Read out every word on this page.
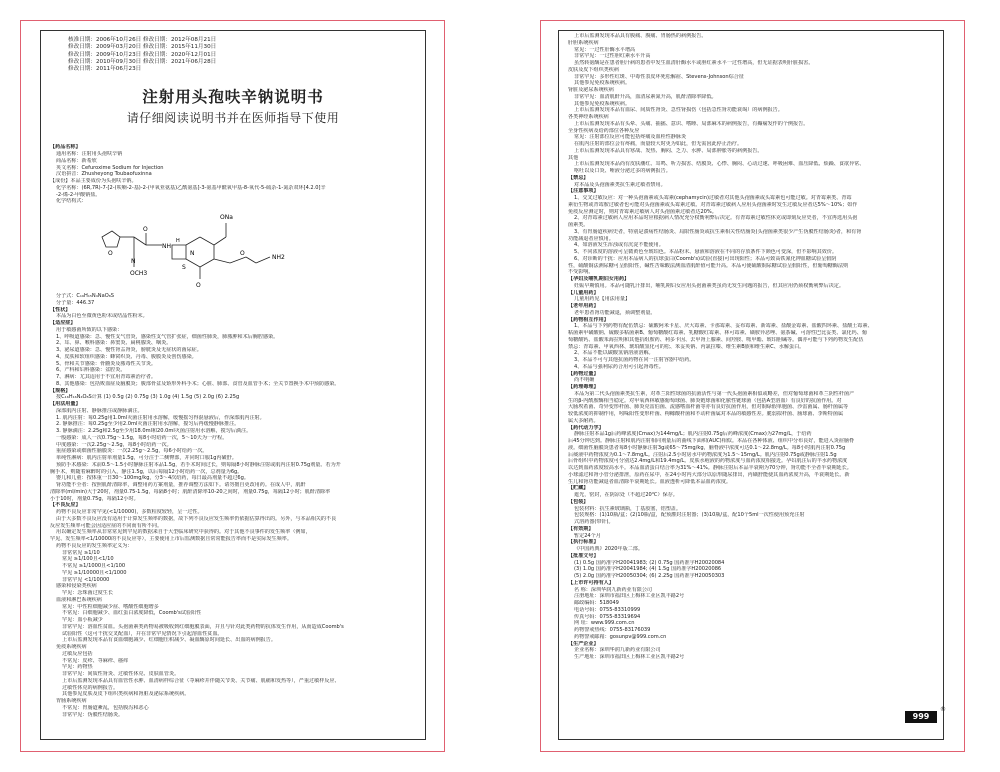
核准日期：2006年10月26日 修改日期：2012年08月21日
修改日期：2009年03月20日 修改日期：2015年11月30日
修改日期：2009年10月23日 修改日期：2020年12月01日
修改日期：2010年09月30日 修改日期：2021年06月28日
修改日期：2011年06月23日
注射用头孢呋辛钠说明书
请仔细阅读说明书并在医师指导下使用
【药品名称】
通用名称：注射用头孢呋辛钠
商品名称：新希欣
英文名称：Cefuroxime Sodium for Injection
汉语拼音：Zhusheyong Toubaofuxinna
【成份】本品主要成份为头孢呋辛钠。
化学名称：(6R,7R)-7-[2-(呋喃-2-基)-2-(甲氧亚氨基)乙酰氨基]-3-氨基甲酰氧甲基-8-氧代-5-硫杂-1-氮杂双环[4.2.0]辛
-2-烯-2-甲酸钠盐。
化学结构式：
O
NH
O
N
OCH3
H
S
N
O
ONa
O
NH2
分子式：C₁₆H₁₅N₄NaO₈S
分子量：446.37
【性状】
本品为白色至微黄色粉末或结晶性粉末。
【适应症】
用于敏感菌所致的以下感染：
1、呼吸道感染：急、慢性支气管炎，感染性支气管扩张症，细菌性肺炎，肺脓肿和术后胸腔感染。
2、耳、鼻、喉科感染：鼻窦炎、扁桃腺炎、咽炎。
3、泌尿道感染：急、慢性肾盂肾炎，膀胱炎及无症状的菌尿症。
4、皮肤和软组织感染：蜂窝织炎、丹毒、腹膜炎及创伤感染。
5、骨和关节感染：骨髓炎及脓毒性关节炎。
6、产科和妇科感染：盆腔炎。
7、淋病：尤其适用于不宜用青霉素治疗者。
8、其他感染：包括败血症及脑膜炎；腹部骨盆及矫形外科手术；心脏、肺部、食管及血管手术；全关节置换手术中预防感染。
【规格】
按C₁₆H₁₆N₄O₈S计算 (1) 0.5g (2) 0.75g (3) 1.0g (4) 1.5g (5) 2.0g (6) 2.25g
【用法用量】
深部肌内注射、静脉推注或静脉滴注。
1. 肌内注射：每0.25g用1.0ml灭菌注射用水溶解，缓慢摇匀得混悬液后，作深部肌内注射。
2. 静脉推注：每0.25g至少用2.0ml灭菌注射用水溶解，搅匀后再缓慢静脉推注。
3. 静脉滴注：2.25g和2.5g至少用18.0ml和20.0ml灭菌注射用水溶解，搅匀后滴注。
一般感染：成人一次0.75g～1.5g，每8小时给药一次，5～10天为一疗程。
中度感染：一次2.25g～2.5g，每8小时给药一次。
重症感染或细菌性脑膜炎：一次2.25g～2.5g，每6小时给药一次。
单纯性淋病：肌内注射单剂量1.5g，可分注于二侧臀部，并同时口服1g丙磺舒。
预防手术感染：术前0.5～1.5小时静脉注射本品1.5g，若手术时间过长，则每隔8小时静脉注射或肌内注射0.75g剂量。若为开
胸手术，则随着麻醉时的引入，静注1.5g，以后每隔12小时给药一次，总剂量为6g。
婴儿和儿童：按体重一日30～100mg/kg，分3～4次给药，每日最高剂量不超过6g。
肾功能不全者：按照肌酐清除率，调整用药方案剂量，推荐调整方法如下。请勿擅自更改用药。在成人中，肌酐
清除率(ml/min)大于20时，剂量0.75-1.5g，每隔8小时；肌酐清除率10-20之间时，剂量0.75g，每隔12小时；肌酐清除率
小于10时，剂量0.75g，每隔12小时。
【不良反应】
药物不良反应非常罕见(<1/10000)，多数程度较轻，呈一过性。
由于大多数不良反应没有适用于计算发生频率的数据，故下列不良反应发生频率仍依据估算得出的。另外，与本品相关的不良
反应发生频率可能会因适应症的不同而有所不同。
用以确定发生频率从非常常见到罕见的数据来自于大型临床研究中获得的。对于其他不良事件的发生频率（例如，
罕见、发生频率<1/10000的不良反应等），主要使用上市后监测数据且常常能报告率而不是实际发生频率。
药物不良反应的发生频率定义为：
非常常见 ≥1/10
常见 ≥1/100且<1/10
不常见 ≥1/1000且<1/100
罕见 ≥1/10000且<1/1000
非常罕见 <1/10000
感染和侵染类疾病
罕见：念珠菌过度生长
血液和淋巴系统疾病
常见：中性粒细胞减少症、嗜酸性细胞增多
不常见：白细胞减少、血红蛋白浓度降低，Coomb's试验阳性
罕见：血小板减少
非常罕见：溶血性贫血。头孢菌素类药物易被吸收到红细胞膜表面，并且与针对此类药物的抗体发生作用，从而造成Coomb's
试验阳性（这可干扰交叉配血），并在非常罕见情况下引起溶血性贫血。
上市后监测发现本品有食血细胞减少、红细胞压积减少、凝血酶原时间延长、出血的病例报告。
免疫系统疾病
过敏反应包括
不常见：皮疹、荨麻疹、瘙痒
罕见：药物热
非常罕见：间质性肾炎、过敏性休克、皮肤血管炎。
上市后监测发现本品具有血管性水肿、血清病样综合征（荨麻疹并伴随关节炎、关节痛、肌痛和发热等），严重过敏样反应、
过敏性休克的病例报告。
其他参见皮肤及皮下组织类疾病和肾脏及泌尿系统疾病。
胃肠系统疾病
不常见：胃肠道紊乱，包括腹泻和恶心
非常罕见：伪膜性结肠炎。
上市后监测发现本品具有腹痛、腹痛、胃肠热的病例报告。
肝胆系统疾病
常见：一过性肝酶水平增高
非常罕见：一过性胆红素水平升高
虽然转氨酶是在患者胆汁病的患者中发生血清肝酶水平或胆红素水平一过性增高，但无证据表明肝脏损害。
皮肤及皮下组织类疾病
非常罕见：多形性红斑、中毒性表皮坏死松解症、Stevens-Johnson综合征
其他参见免疫系统疾病。
肾脏及泌尿系统疾病
非常罕见：血清肌酐升高，血清尿素氮升高，肌酐清除率降低。
其他参见免疫系统疾病。
上市后监测发现本品有血尿、间质性肾炎、急性肾损伤（包括急性肾功能衰竭）的病例报告。
各类神经系统疾病
上市后监测发现本品有头晕、头痛、抽搐、意识、嗜睡、局部麻木的病例报告，有癫痫发作的个例报告。
全身性疾病及给药部位各种反应
常见：注射部位反应可能包括疼痛及血栓性静脉炎
在肌内注射的部位会有疼痛，而量较大时更为如此，但无需因此停止治疗。
上市后监测发现本品具有寒战、发热、胸闷、乏力、水肿、局部肿胀等的病例报告。
其他
上市后监测发现本品尚有皮肤潮红、耳鸣、听力损害、结膜炎、心悸、胸闷、心动过速、呼吸困难、血压降低、烦躁、食欲异常、
呕吐以及口炎、唾液分泌过多的病例报告。
【禁忌】
对本品及头孢菌素类抗生素过敏者禁用。
【注意事项】
1、交叉过敏反应：对一种头孢菌素或头霉素(cephamycin)过敏者对其他头孢菌素或头霉素也可能过敏。对青霉素类、青霉
素衍生物或青霉胺过敏者也可能对头孢菌素或头霉素过敏。对青霉素过敏病人应用头孢菌素时发生过敏反应者达5%～10%；如作
免疫反应测定时，则对青霉素过敏病人对头孢菌素过敏者达20%。
2、对青霉素过敏病人应用本品时应根据病人情况充分权衡利弊后决定。有青霉素过敏性休克或即刻反应史者，不宜再选用头孢
菌素类。
3、有胃肠道疾病史者，特别是溃疡性结肠炎、局限性肠炎或抗生素相关性结肠炎(头孢菌素类很少产生伪膜性结肠炎)者，和有肾
功能减退者应慎用。
4、如溶液发生浑浊或有沉淀不能使用。
5、不同浓度的溶液可呈微黄色至琥珀色。本品粉末、悬液和溶液在不同的存放条件下颜色可变深，但不影响其效价。
6、对诊断的干扰：应用本品病人的抗球蛋白(Coomb's)试验(直接)可出现阳性；本品可致高铁氰化钾血糖试验呈假阴
性，硫酸铜法测尿糖可呈假阳性，碱性苦味酸法测血清肌酐值可能升高。本品可使硫酸铜尿糖试验呈假阳性，但葡萄糖酶法则
不受影响。
【孕妇及哺乳期妇女用药】
妊娠早期慎用。本品可随乳汁排出，哺乳期妇女应用头孢菌素类虽尚无发生问题的报告，但其应用仍须权衡利弊后决定。
【儿童用药】
儿童用药见【用法用量】
【老年用药】
老年患者肾功能减退，须调整剂量。
【药物相互作用】
1、本品与下列药物有配伍禁忌：硫酸阿米卡星、庆大霉素、卡那霉素、妥布霉素、新霉素、盐酸金霉素、盐酸四环素、盐酸土霉素、
粘菌素甲磺酸钠、硫酸多粘菌素B、葡萄糖酸红霉素、乳糖酸红霉素、林可霉素、磺胺异恶唑、氨茶碱、可溶性巴比妥类、氯化钙、葡
萄糖酸钙、盐酸苯海拉明和其他抗组胺药、利多卡因、去甲肾上腺素、间羟胺、哌甲酯、琥珀胆碱等。偶亦可能与下列药物发生配伍
禁忌：青霉素、甲氧西林、琥珀酸氢化可的松、苯妥英钠、丙氯拉嗪、维生素B族和维生素C、水解蛋白。
2、本品不能以碳酸氢钠溶液溶解。
3、本品不可与其他抗菌药物在同一注射容器中给药。
4、本品与强利尿药合用可引起肾毒性。
【药物过量】
尚不明确
【药理毒理】
本品为第二代头孢菌素类抗生素，对革兰阳性球菌的抗菌活性与第一代头孢菌素相似或略差，但对葡萄球菌和革兰阴性杆菌产
生的β-内酰胺酶相当稳定。对甲氧西林敏感葡萄球菌、肺炎链球菌和化脓性链球菌（包括A型溶血）有良好的抗菌作用。对
大肠埃希菌、奇异变形杆菌、肺炎克雷伯菌、流感嗜血杆菌等亦有良好抗菌作用，但对铜绿假单胞菌、沙雷菌属、肠杆菌属等
较低浓度的抑制作用，吲哚阳性变形杆菌、枸橼酸杆菌和不动杆菌属对本品的敏感性差。脆弱拟杆菌、肠球菌、李斯特菌属
属大多耐药。
【药代动力学】
静脉注射本品1g后药峰浓度(Cmax)为144mg/L；肌内注射0.75g后药峰浓度(Cmax)为27mg/L，于给药
后45分钟达到。静脉注射和肌内注射相同剂量后的曲线下面积(AUC)相似。本品在各种体液、组织中分布良好，能进入炎症脑脊
液。细菌性脑膜炎患者每8小时静脉注射3g或65～75mg/kg，脑脊液中浓度可达0.1～22.8mg/L。每8小时肌内注射0.75g
后痰液中药物浓度为0.1～7.8mg/L。注射后2.5小时房水中药物浓度为1.5～15mg/L。肌内注射0.75g或静脉注射1.5g
后骨组织中药物浓度可分别达2.4mg/L和19.4mg/L。皮肤水疱液的药物浓度与血药浓度相接近。孕妇肌注后的羊水药物浓度
以达到血药浓度较高水平。本品血清蛋白结合率为31%～41%。静脉注射后本品半衰期为70分钟，肾功能不全者半衰期延长。
小球滤过和肾小管分泌排泄，原药在尿中，在24小时内大部分以原形随尿排出，丙磺舒能使其血药浓度升高，半衰期延长。新
生儿和肾功能减退者血清除半衰期延长。血液透析可降低本品血药浓度。
【贮藏】
遮光，密封，在阴凉处（不超过20℃）保存。
【包装】
包装材料：抗生素玻璃瓶，丁基胶塞，铝塑盖。
包装规格：(1)10瓶/盒；(2)10瓶/盒，配预灌封注射器；(3)10瓶/盒，配10个5ml一次性使用预充注射
式溶药器(带针)。
【有效期】
暂定24个月
【执行标准】
《中国药典》2020年版二部。
【批准文号】
(1) 0.5g 国药准字H20041983; (2) 0.75g 国药准字H20020084
(3) 1.0g 国药准字H20041984; (4) 1.5g 国药准字H20020086
(5) 2.0g 国药准字H20050304; (6) 2.25g 国药准字H20050303
【上市许可持有人】
名 称：深圳华润九新药业有限公司
注册地址：深圳市福田区上梅林工业区凯丰路2号
邮政编码：518049
电话号码：0755-83310999
传真号码：0755-83319694
网 址：www.999.com.cn
药物警戒热线：0755-83176039
药物警戒邮箱：gosunpv@999.com.cn
【生产企业】
企业名称：深圳华润九新药业有限公司
生产地址：深圳市福田区上梅林工业区凯丰路2号
999
®
